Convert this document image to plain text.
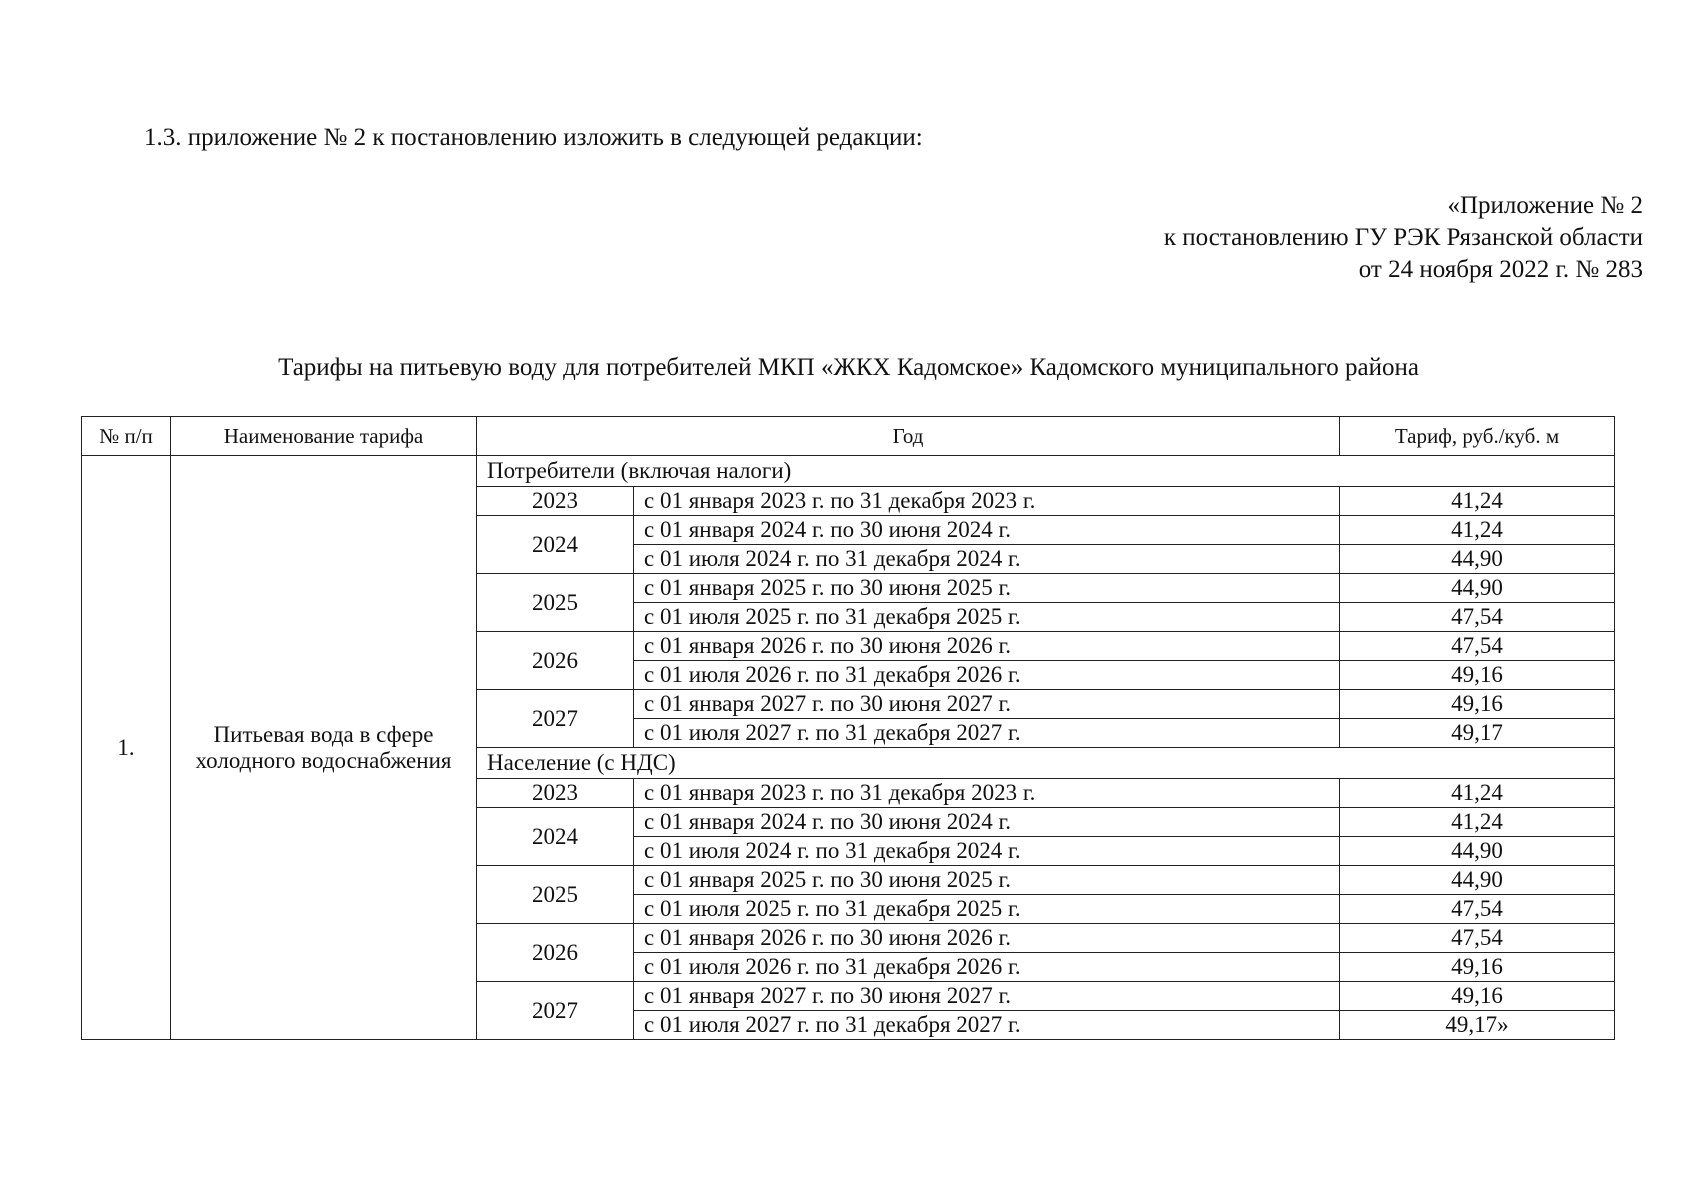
1.3. приложение № 2 к постановлению изложить в следующей редакции:
«Приложение № 2
к постановлению ГУ РЭК Рязанской области
от 24 ноября 2022 г. № 283
Тарифы на питьевую воду для потребителей МКП «ЖКХ Кадомское» Кадомского муниципального района
№ п/п	Наименование тарифа	Год		Тариф, руб./куб. м
1.	Питьевая вода в сфере холодного водоснабжения	Потребители (включая налоги)		
		2023	с 01 января 2023 г. по 31 декабря 2023 г.	41,24
		2024	с 01 января 2024 г. по 30 июня 2024 г.	41,24
			с 01 июля 2024 г. по 31 декабря 2024 г.	44,90
		2025	с 01 января 2025 г. по 30 июня 2025 г.	44,90
			с 01 июля 2025 г. по 31 декабря 2025 г.	47,54
		2026	с 01 января 2026 г. по 30 июня 2026 г.	47,54
			с 01 июля 2026 г. по 31 декабря 2026 г.	49,16
		2027	с 01 января 2027 г. по 30 июня 2027 г.	49,16
			с 01 июля 2027 г. по 31 декабря 2027 г.	49,17
		Население (с НДС)		
		2023	с 01 января 2023 г. по 31 декабря 2023 г.	41,24
		2024	с 01 января 2024 г. по 30 июня 2024 г.	41,24
			с 01 июля 2024 г. по 31 декабря 2024 г.	44,90
		2025	с 01 января 2025 г. по 30 июня 2025 г.	44,90
			с 01 июля 2025 г. по 31 декабря 2025 г.	47,54
		2026	с 01 января 2026 г. по 30 июня 2026 г.	47,54
			с 01 июля 2026 г. по 31 декабря 2026 г.	49,16
		2027	с 01 января 2027 г. по 30 июня 2027 г.	49,16
			с 01 июля 2027 г. по 31 декабря 2027 г.	49,17»
